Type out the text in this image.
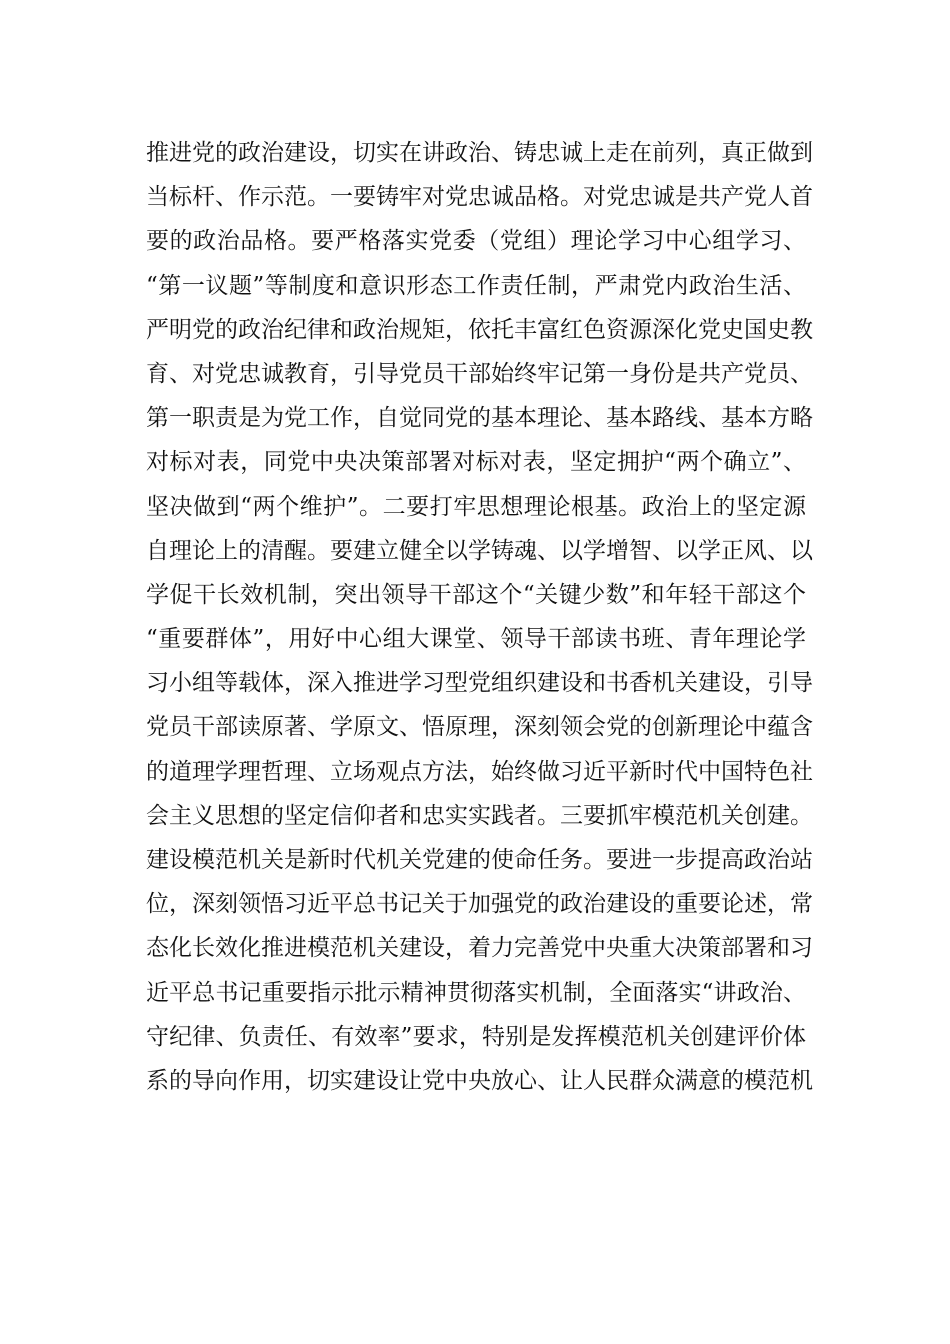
推进党的政治建设，切实在讲政治、铸忠诚上走在前列，真正做到
当标杆、作示范。一要铸牢对党忠诚品格。对党忠诚是共产党人首
要的政治品格。要严格落实党委（党组）理论学习中心组学习、
“第一议题”等制度和意识形态工作责任制，严肃党内政治生活、
严明党的政治纪律和政治规矩，依托丰富红色资源深化党史国史教
育、对党忠诚教育，引导党员干部始终牢记第一身份是共产党员、
第一职责是为党工作，自觉同党的基本理论、基本路线、基本方略
对标对表，同党中央决策部署对标对表，坚定拥护“两个确立”、
坚决做到“两个维护”。二要打牢思想理论根基。政治上的坚定源
自理论上的清醒。要建立健全以学铸魂、以学增智、以学正风、以
学促干长效机制，突出领导干部这个“关键少数”和年轻干部这个
“重要群体”，用好中心组大课堂、领导干部读书班、青年理论学
习小组等载体，深入推进学习型党组织建设和书香机关建设，引导
党员干部读原著、学原文、悟原理，深刻领会党的创新理论中蕴含
的道理学理哲理、立场观点方法，始终做习近平新时代中国特色社
会主义思想的坚定信仰者和忠实实践者。三要抓牢模范机关创建。
建设模范机关是新时代机关党建的使命任务。要进一步提高政治站
位，深刻领悟习近平总书记关于加强党的政治建设的重要论述，常
态化长效化推进模范机关建设，着力完善党中央重大决策部署和习
近平总书记重要指示批示精神贯彻落实机制，全面落实“讲政治、
守纪律、负责任、有效率”要求，特别是发挥模范机关创建评价体
系的导向作用，切实建设让党中央放心、让人民群众满意的模范机
